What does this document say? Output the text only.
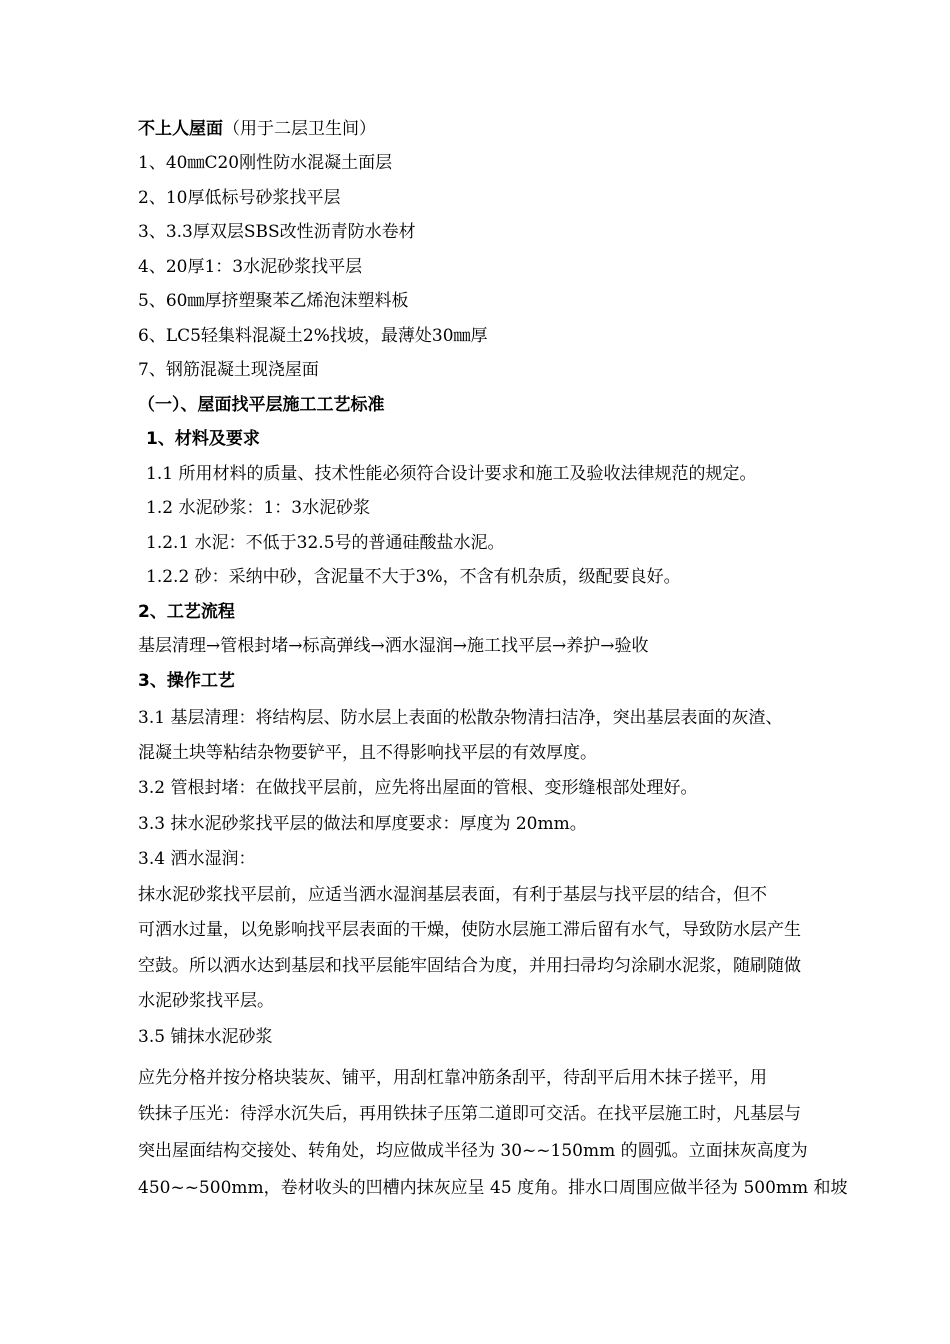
不上人屋面（用于二层卫生间）
1、40㎜C20刚性防水混凝土面层
2、10厚低标号砂浆找平层
3、3.3厚双层SBS改性沥青防水卷材
4、20厚1：3水泥砂浆找平层
5、60㎜厚挤塑聚苯乙烯泡沫塑料板
6、LC5轻集料混凝土2%找坡，最薄处30㎜厚
7、钢筋混凝土现浇屋面
（一）、屋面找平层施工工艺标准
1、材料及要求
1.1 所用材料的质量、技术性能必须符合设计要求和施工及验收法律规范的规定。
1.2 水泥砂浆：1：3水泥砂浆
1.2.1 水泥：不低于32.5号的普通硅酸盐水泥。
1.2.2 砂：采纳中砂，含泥量不大于3%，不含有机杂质，级配要良好。
2、工艺流程
基层清理→管根封堵→标高弹线→洒水湿润→施工找平层→养护→验收
3、操作工艺
3.1 基层清理：将结构层、防水层上表面的松散杂物清扫洁净，突出基层表面的灰渣、
混凝土块等粘结杂物要铲平，且不得影响找平层的有效厚度。
3.2 管根封堵：在做找平层前，应先将出屋面的管根、变形缝根部处理好。
3.3 抹水泥砂浆找平层的做法和厚度要求：厚度为 20mm。
3.4 洒水湿润：
抹水泥砂浆找平层前，应适当洒水湿润基层表面，有利于基层与找平层的结合，但不
可洒水过量，以免影响找平层表面的干燥，使防水层施工滞后留有水气，导致防水层产生
空鼓。所以洒水达到基层和找平层能牢固结合为度，并用扫帚均匀涂刷水泥浆，随刷随做
水泥砂浆找平层。
3.5 铺抹水泥砂浆
应先分格并按分格块装灰、铺平，用刮杠靠冲筋条刮平，待刮平后用木抹子搓平，用
铁抹子压光：待浮水沉失后，再用铁抹子压第二道即可交活。在找平层施工时，凡基层与
突出屋面结构交接处、转角处，均应做成半径为 30~~150mm 的圆弧。立面抹灰高度为
450~~500mm，卷材收头的凹槽内抹灰应呈 45 度角。排水口周围应做半径为 500mm 和坡
